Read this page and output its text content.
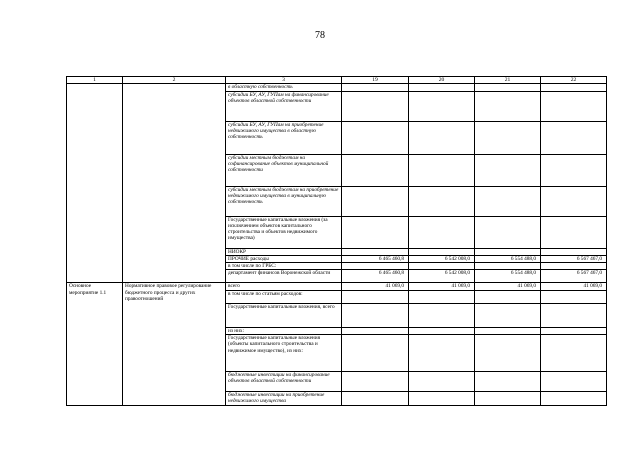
78
1	2	3	19	20	21	22
		в областную собственность				
		субсидии БУ, АУ, ГУПам на финансирование объектов областной собственности				
		субсидии БУ, АУ, ГУПам на приобретение недвижимого имущества в областную собственность				
		субсидии местным бюджетам на софинансирование объектов муниципальной собственности				
		субсидии местным бюджетам на приобретение недвижимого имущества в муниципальную собственность				
		Государственные капитальные вложения (за исключением объектов капитального строительства и объектов недвижимого имущества)				
		НИОКР				
		ПРОЧИЕ расходы	6 465 460,8	6 542 008,0	6 554 488,0	6 567 467,0
		в том числе по ГРБС:				
		департамент финансов Воронежской области	6 465 460,8	6 542 008,0	6 554 488,0	6 567 467,0
Основное мероприятие 1.1	Нормативное правовое регулирование бюджетного процесса и других правоотношений	всего	41 069,0	41 069,0	41 069,0	41 069,0
		в том числе по статьям расходов:				
		Государственные капитальные вложения, всего				
		из них:				
		Государственные капитальные вложения (объекты капитального строительства и недвижимое имущество), из них:				
		бюджетные инвестиции на финансирование объектов областной собственности				
		бюджетные инвестиции на приобретение недвижимого имущества				
